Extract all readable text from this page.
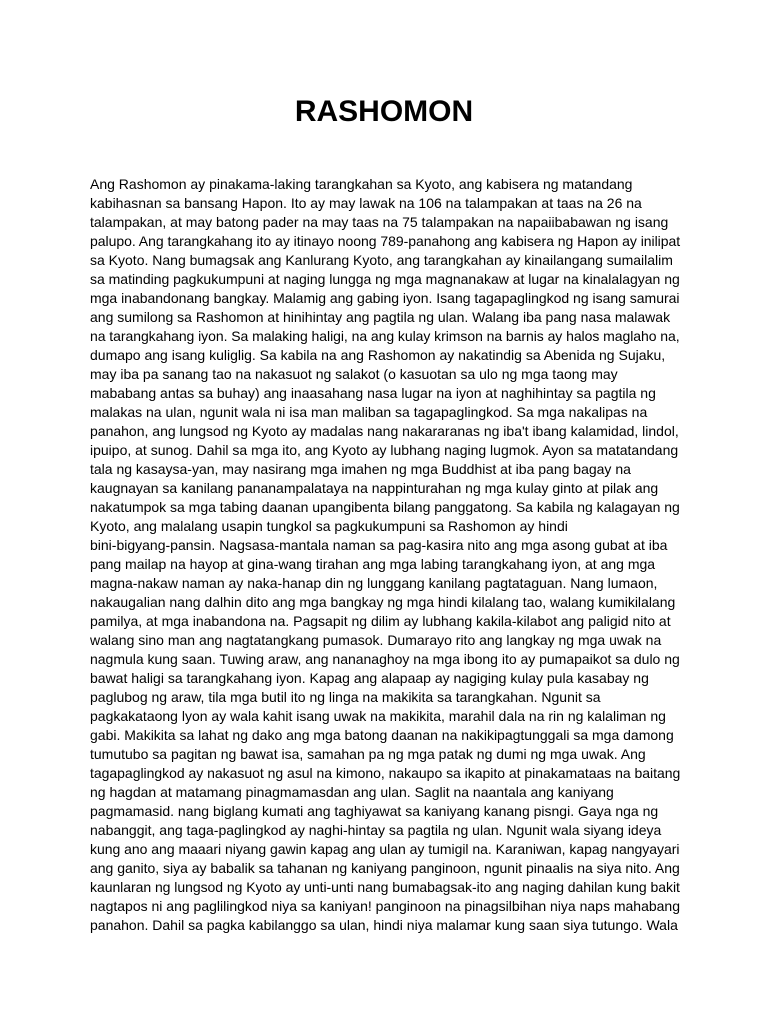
RASHOMON
Ang Rashomon ay pinakama-laking tarangkahan sa Kyoto, ang kabisera ng matandang
kabihasnan sa bansang Hapon. Ito ay may lawak na 106 na talampakan at taas na 26 na
talampakan, at may batong pader na may taas na 75 talampakan na napaiibabawan ng isang
palupo. Ang tarangkahang ito ay itinayo noong 789-panahong ang kabisera ng Hapon ay inilipat
sa Kyoto. Nang bumagsak ang Kanlurang Kyoto, ang tarangkahan ay kinailangang sumailalim
sa matinding pagkukumpuni at naging lungga ng mga magnanakaw at lugar na kinalalagyan ng
mga inabandonang bangkay. Malamig ang gabing iyon. Isang tagapaglingkod ng isang samurai
ang sumilong sa Rashomon at hinihintay ang pagtila ng ulan. Walang iba pang nasa malawak
na tarangkahang iyon. Sa malaking haligi, na ang kulay krimson na barnis ay halos maglaho na,
dumapo ang isang kuliglig. Sa kabila na ang Rashomon ay nakatindig sa Abenida ng Sujaku,
may iba pa sanang tao na nakasuot ng salakot (o kasuotan sa ulo ng mga taong may
mababang antas sa buhay) ang inaasahang nasa lugar na iyon at naghihintay sa pagtila ng
malakas na ulan, ngunit wala ni isa man maliban sa tagapaglingkod. Sa mga nakalipas na
panahon, ang lungsod ng Kyoto ay madalas nang nakararanas ng iba't ibang kalamidad, lindol,
ipuipo, at sunog. Dahil sa mga ito, ang Kyoto ay lubhang naging lugmok. Ayon sa matatandang
tala ng kasaysa-yan, may nasirang mga imahen ng mga Buddhist at iba pang bagay na
kaugnayan sa kanilang pananampalataya na nappinturahan ng mga kulay ginto at pilak ang
nakatumpok sa mga tabing daanan upangibenta bilang panggatong. Sa kabila ng kalagayan ng
Kyoto, ang malalang usapin tungkol sa pagkukumpuni sa Rashomon ay hindi
bini-bigyang-pansin. Nagsasa-mantala naman sa pag-kasira nito ang mga asong gubat at iba
pang mailap na hayop at gina-wang tirahan ang mga labing tarangkahang iyon, at ang mga
magna-nakaw naman ay naka-hanap din ng lunggang kanilang pagtataguan. Nang lumaon,
nakaugalian nang dalhin dito ang mga bangkay ng mga hindi kilalang tao, walang kumikilalang
pamilya, at mga inabandona na. Pagsapit ng dilim ay lubhang kakila-kilabot ang paligid nito at
walang sino man ang nagtatangkang pumasok. Dumarayo rito ang langkay ng mga uwak na
nagmula kung saan. Tuwing araw, ang nananaghoy na mga ibong ito ay pumapaikot sa dulo ng
bawat haligi sa tarangkahang iyon. Kapag ang alapaap ay nagiging kulay pula kasabay ng
paglubog ng araw, tila mga butil ito ng linga na makikita sa tarangkahan. Ngunit sa
pagkakataong lyon ay wala kahit isang uwak na makikita, marahil dala na rin ng kalaliman ng
gabi. Makikita sa lahat ng dako ang mga batong daanan na nakikipagtunggali sa mga damong
tumutubo sa pagitan ng bawat isa, samahan pa ng mga patak ng dumi ng mga uwak. Ang
tagapaglingkod ay nakasuot ng asul na kimono, nakaupo sa ikapito at pinakamataas na baitang
ng hagdan at matamang pinagmamasdan ang ulan. Saglit na naantala ang kaniyang
pagmamasid. nang biglang kumati ang taghiyawat sa kaniyang kanang pisngi. Gaya nga ng
nabanggit, ang taga-paglingkod ay naghi-hintay sa pagtila ng ulan. Ngunit wala siyang ideya
kung ano ang maaari niyang gawin kapag ang ulan ay tumigil na. Karaniwan, kapag nangyayari
ang ganito, siya ay babalik sa tahanan ng kaniyang panginoon, ngunit pinaalis na siya nito. Ang
kaunlaran ng lungsod ng Kyoto ay unti-unti nang bumabagsak-ito ang naging dahilan kung bakit
nagtapos ni ang paglilingkod niya sa kaniyan! panginoon na pinagsilbihan niya naps mahabang
panahon. Dahil sa pagka kabilanggo sa ulan, hindi niya malamar kung saan siya tutungo. Wala
